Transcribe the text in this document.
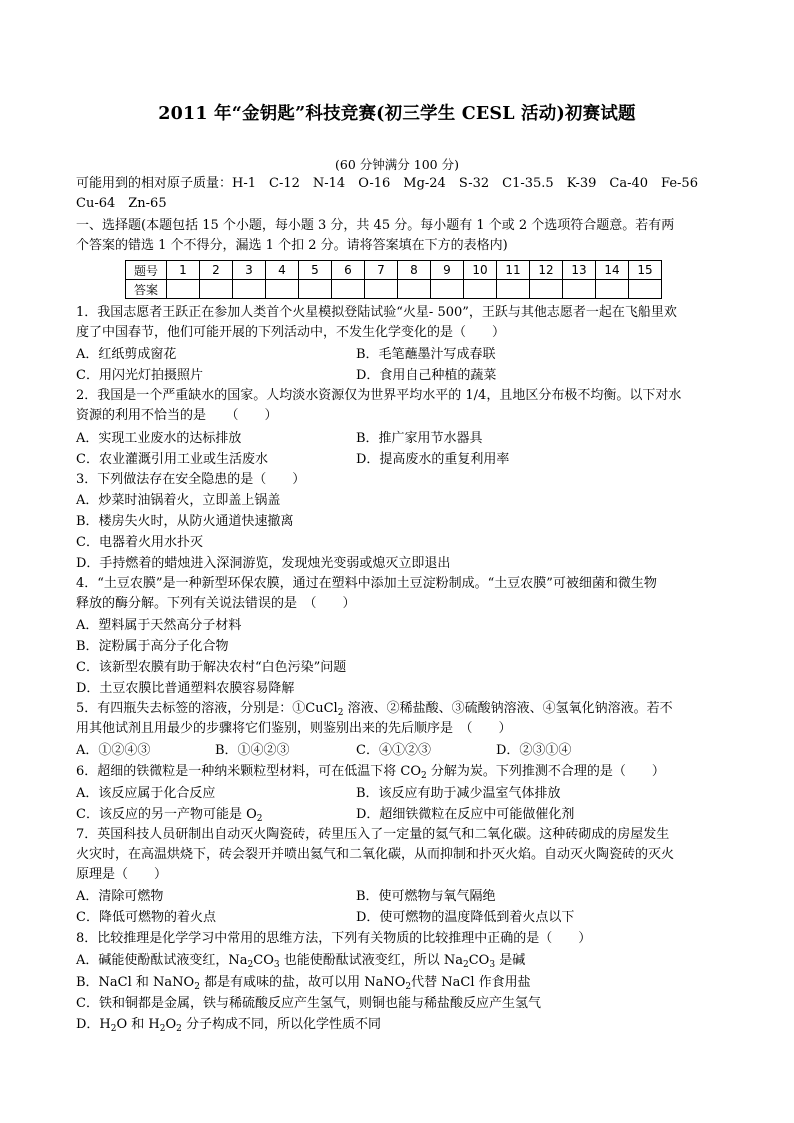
2011 年“金钥匙”科技竞赛(初三学生 CESL 活动)初赛试题
(60 分钟满分 100 分)
可能用到的相对原子质量：H-1　C-12　N-14　O-16　Mg-24　S-32　C1-35.5　K-39　Ca-40　Fe-56
Cu-64　Zn-65
一、选择题(本题包括 15 个小题，每小题 3 分，共 45 分。每小题有 1 个或 2 个选项符合题意。若有两
个答案的错选 1 个不得分，漏选 1 个扣 2 分。请将答案填在下方的表格内)
题号	1	2	3	4	5	6	7	8	9	10	11	12	13	14	15
答案															
1．我国志愿者王跃正在参加人类首个火星模拟登陆试验“火星- 500”，王跃与其他志愿者一起在飞船里欢
度了中国春节，他们可能开展的下列活动中，不发生化学变化的是（　　）
A．红纸剪成窗花	B．毛笔蘸墨汁写成春联
C．用闪光灯拍摄照片	D．食用自己种植的蔬菜
2．我国是一个严重缺水的国家。人均淡水资源仅为世界平均水平的 1/4，且地区分布极不均衡。以下对水
资源的利用不恰当的是　　（　　）
A．实现工业废水的达标排放	B．推广家用节水器具
C．农业灌溉引用工业或生活废水	D．提高废水的重复利用率
3．下列做法存在安全隐患的是（　　）
A．炒菜时油锅着火，立即盖上锅盖
B．楼房失火时，从防火通道快速撤离
C．电器着火用水扑灭
D．手持燃着的蜡烛进入深洞游览，发现烛光变弱或熄灭立即退出
4．“土豆农膜”是一种新型环保农膜，通过在塑料中添加土豆淀粉制成。“土豆农膜”可被细菌和微生物
释放的酶分解。下列有关说法错误的是　（　　）
A．塑料属于天然高分子材料
B．淀粉属于高分子化合物
C．该新型农膜有助于解决农村“白色污染”问题
D．土豆农膜比普通塑料农膜容易降解
5．有四瓶失去标签的溶液，分别是：①CuCl$_2$ 溶液、②稀盐酸、③硫酸钠溶液、④氢氧化钠溶液。若不
用其他试剂且用最少的步骤将它们鉴别，则鉴别出来的先后顺序是　（　　）
A．①②④③	B．①④②③	C．④①②③	D．②③①④
6．超细的铁微粒是一种纳米颗粒型材料，可在低温下将 $CO_2$ 分解为炭。下列推测不合理的是（　　）
A．该反应属于化合反应	B．该反应有助于减少温室气体排放
C．该反应的另一产物可能是 $O_2$	D．超细铁微粒在反应中可能做催化剂
7．英国科技人员研制出自动灭火陶瓷砖，砖里压入了一定量的氦气和二氧化碳。这种砖砌成的房屋发生
火灾时，在高温烘烧下，砖会裂开并喷出氦气和二氧化碳，从而抑制和扑灭火焰。自动灭火陶瓷砖的灭火
原理是（　　）
A．清除可燃物	B．使可燃物与氧气隔绝
C．降低可燃物的着火点	D．使可燃物的温度降低到着火点以下
8．比较推理是化学学习中常用的思维方法，下列有关物质的比较推理中正确的是（　　）
A．碱能使酚酞试液变红，$Na_2CO_3$ 也能使酚酞试液变红，所以 $Na_2CO_3$ 是碱
B．NaCl 和 NaNO$_2$ 都是有咸味的盐，故可以用 NaNO$_2$代替 NaCl 作食用盐
C．铁和铜都是金属，铁与稀硫酸反应产生氢气，则铜也能与稀盐酸反应产生氢气
D．$H_2O$ 和 $H_2O_2$ 分子构成不同，所以化学性质不同
